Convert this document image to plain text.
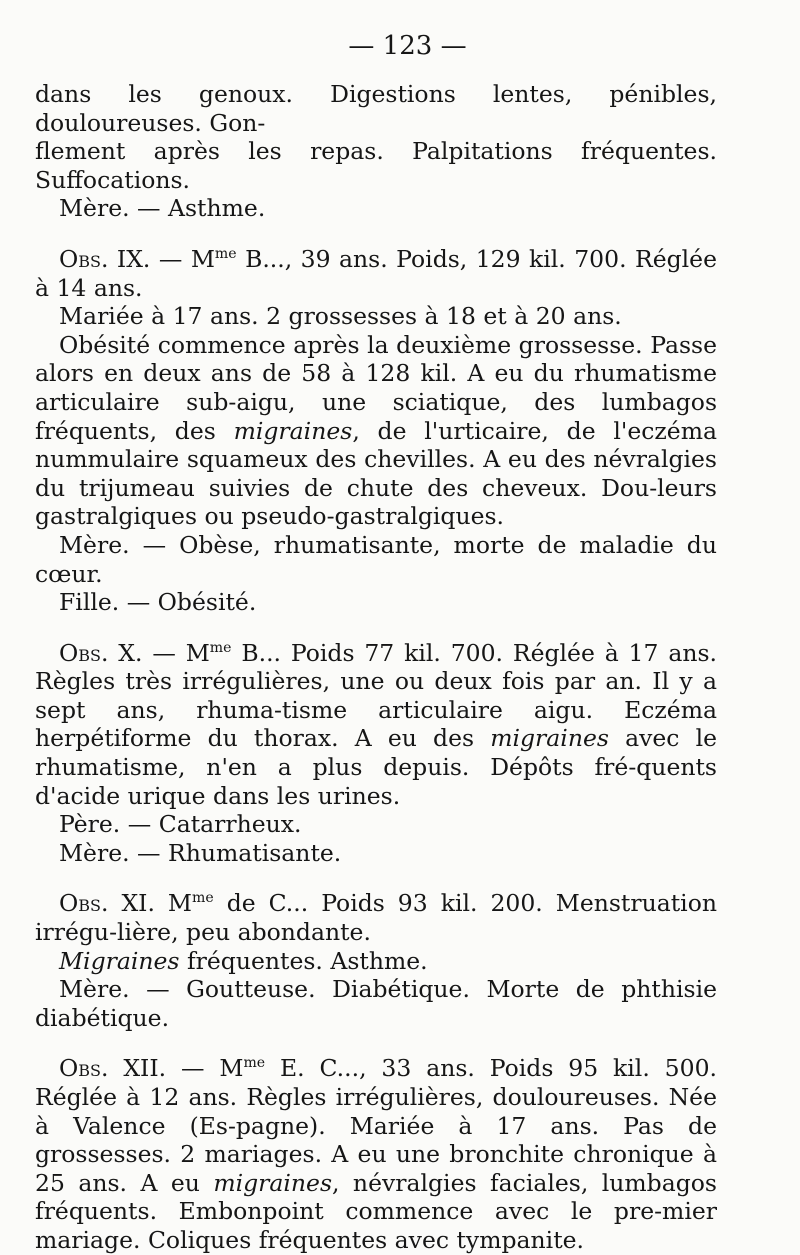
— 123 —

dans les genoux. Digestions lentes, pénibles, douloureuses. Gon-

flement après les repas. Palpitations fréquentes. Suffocations.

Mère. — Asthme.

Obs. IX. — $M^{me}$ B..., 39 ans. Poids, 129 kil. 700. Réglée à 14 ans.

Mariée à 17 ans. 2 grossesses à 18 et à 20 ans.

Obésité commence après la deuxième grossesse. Passe alors en deux ans de 58 à 128 kil. A eu du rhumatisme articulaire sub-aigu, une sciatique, des lumbagos fréquents, des migraines, de l'urticaire, de l'eczéma nummulaire squameux des chevilles. A eu des névralgies du trijumeau suivies de chute des cheveux. Dou-leurs gastralgiques ou pseudo-gastralgiques.

Mère. — Obèse, rhumatisante, morte de maladie du cœur.

Fille. — Obésité.

Obs. X. — $M^{me}$ B... Poids 77 kil. 700. Réglée à 17 ans. Règles très irrégulières, une ou deux fois par an. Il y a sept ans, rhuma-tisme articulaire aigu. Eczéma herpétiforme du thorax. A eu des migraines avec le rhumatisme, n'en a plus depuis. Dépôts fré-quents d'acide urique dans les urines.

Père. — Catarrheux.

Mère. — Rhumatisante.

Obs. XI. $M^{me}$ de C... Poids 93 kil. 200. Menstruation irrégu-lière, peu abondante.

Migraines fréquentes. Asthme.

Mère. — Goutteuse. Diabétique. Morte de phthisie diabétique.

Obs. XII. — $M^{me}$ E. C..., 33 ans. Poids 95 kil. 500. Réglée à 12 ans. Règles irrégulières, douloureuses. Née à Valence (Es-pagne). Mariée à 17 ans. Pas de grossesses. 2 mariages. A eu une bronchite chronique à 25 ans. A eu migraines, névralgies faciales, lumbagos fréquents. Embonpoint commence avec le pre-mier mariage. Coliques fréquentes avec tympanite.
